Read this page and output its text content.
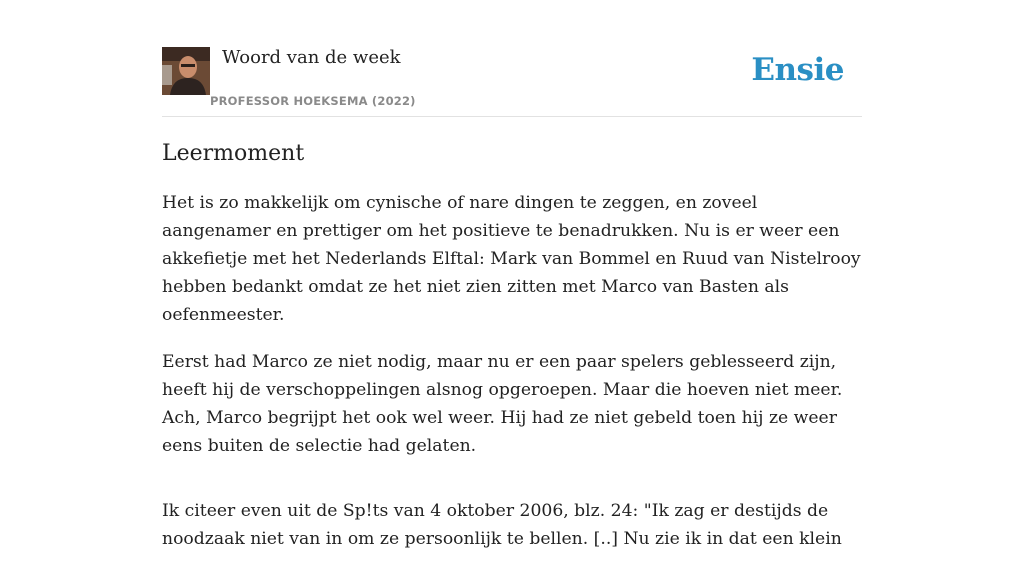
Woord van de week
PROFESSOR HOEKSEMA (2022)
Ensie
Leermoment

Het is zo makkelijk om cynische of nare dingen te zeggen, en zoveel aangenamer en prettiger om het positieve te benadrukken. Nu is er weer een akkefietje met het Nederlands Elftal: Mark van Bommel en Ruud van Nistelrooy hebben bedankt omdat ze het niet zien zitten met Marco van Basten als oefenmeester.

Eerst had Marco ze niet nodig, maar nu er een paar spelers geblesseerd zijn, heeft hij de verschoppelingen alsnog opgeroepen. Maar die hoeven niet meer. Ach, Marco begrijpt het ook wel weer. Hij had ze niet gebeld toen hij ze weer eens buiten de selectie had gelaten.

Ik citeer even uit de Sp!ts van 4 oktober 2006, blz. 24: "Ik zag er destijds de noodzaak niet van in om ze persoonlijk te bellen. [..] Nu zie ik in dat een klein
